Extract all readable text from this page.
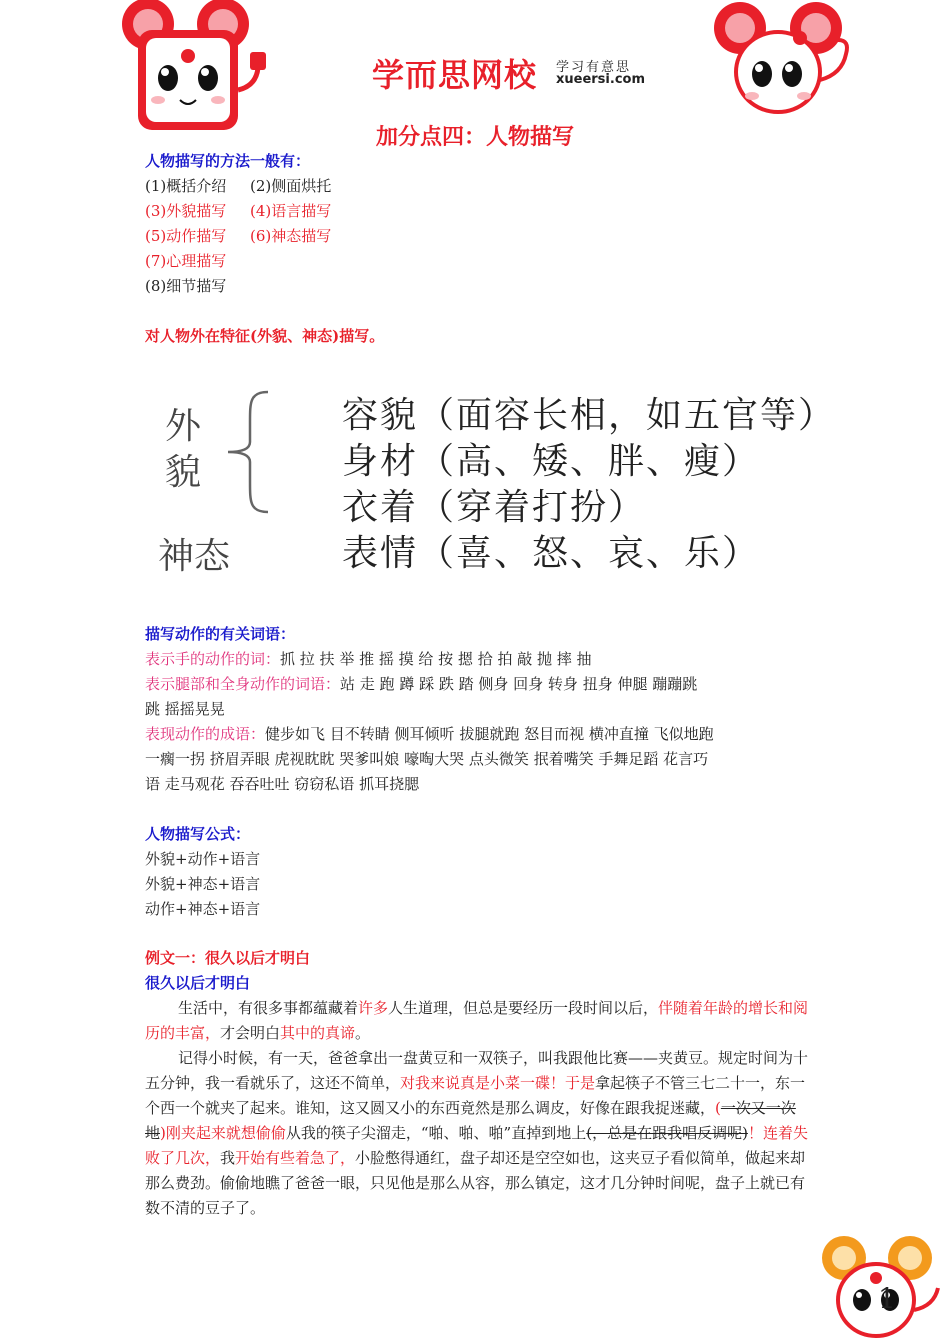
学而思网校 学习有意思
xueersi.com
加分点四：人物描写
人物描写的方法一般有：
(1)概括介绍 (2)侧面烘托
(3)外貌描写 (4)语言描写
(5)动作描写 (6)神态描写
(7)心理描写
(8)细节描写
对人物外在特征(外貌、神态)描写。
外
貌
神态
容貌（面容长相，如五官等）
身材（高、矮、胖、瘦）
衣着（穿着打扮）
表情（喜、怒、哀、乐）
描写动作的有关词语：
表示手的动作的词：抓 拉 扶 举 推 摇 摸 给 按 摁 拾 拍 敲 抛 摔 抽
表示腿部和全身动作的词语：站 走 跑 蹲 踩 跌 踏 侧身 回身 转身 扭身 伸腿 蹦蹦跳
跳 摇摇晃晃
表现动作的成语：健步如飞 目不转睛 侧耳倾听 拔腿就跑 怒目而视 横冲直撞 飞似地跑
一瘸一拐 挤眉弄眼 虎视眈眈 哭爹叫娘 嚎啕大哭 点头微笑 抿着嘴笑 手舞足蹈 花言巧
语 走马观花 吞吞吐吐 窃窃私语 抓耳挠腮
人物描写公式：
外貌+动作+语言
外貌+神态+语言
动作+神态+语言
例文一：很久以后才明白
很久以后才明白
生活中，有很多事都蕴藏着许多人生道理，但总是要经历一段时间以后，伴随着年龄的增长和阅历的丰富，才会明白其中的真谛。
记得小时候，有一天，爸爸拿出一盘黄豆和一双筷子，叫我跟他比赛——夹黄豆。规定时间为十五分钟，我一看就乐了，这还不简单，对我来说真是小菜一碟！于是拿起筷子不管三七二十一，东一个西一个就夹了起来。谁知，这又圆又小的东西竟然是那么调皮，好像在跟我捉迷藏，(一次又一次地)刚夹起来就想偷偷从我的筷子尖溜走，“啪、啪、啪”直掉到地上(，总是在跟我唱反调呢)！连着失败了几次，我开始有些着急了，小脸憋得通红，盘子却还是空空如也，这夹豆子看似简单，做起来却那么费劲。偷偷地瞧了爸爸一眼，只见他是那么从容，那么镇定，这才几分钟时间呢，盘子上就已有数不清的豆子了。
1
